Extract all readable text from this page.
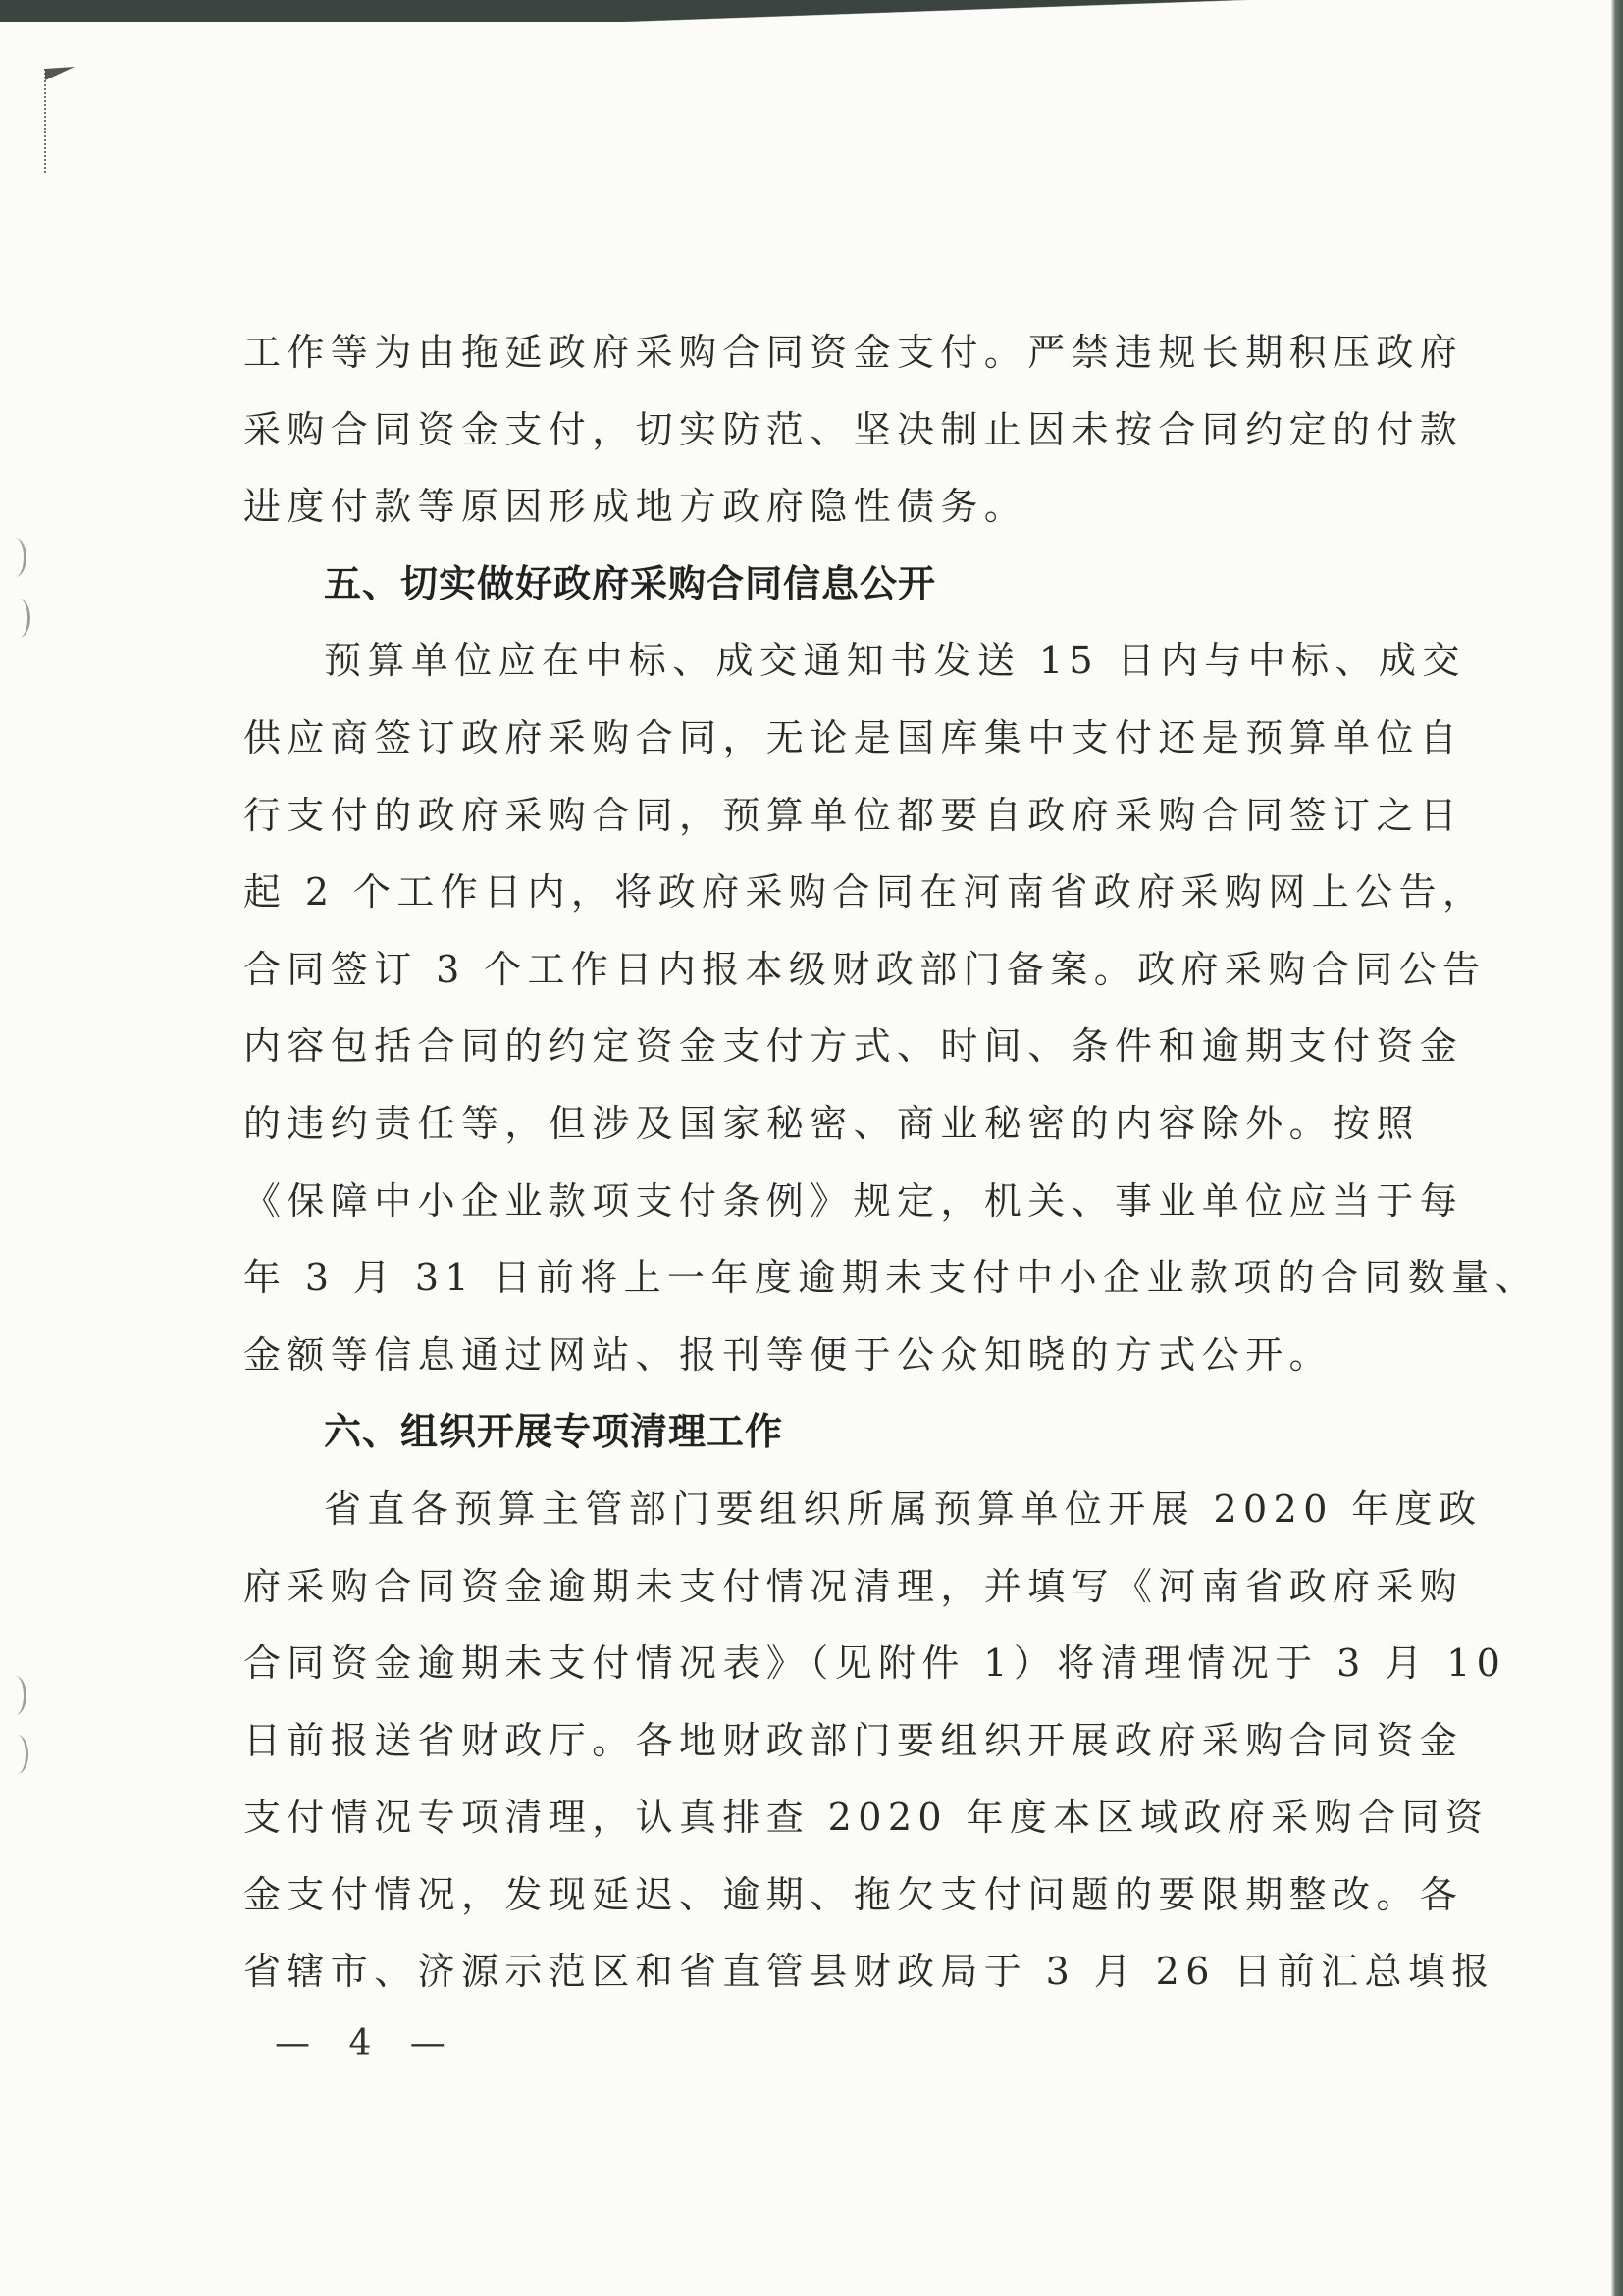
工作等为由拖延政府采购合同资金支付。严禁违规长期积压政府
采购合同资金支付，切实防范、坚决制止因未按合同约定的付款
进度付款等原因形成地方政府隐性债务。
五、切实做好政府采购合同信息公开
预算单位应在中标、成交通知书发送 15 日内与中标、成交
供应商签订政府采购合同，无论是国库集中支付还是预算单位自
行支付的政府采购合同，预算单位都要自政府采购合同签订之日
起 2 个工作日内，将政府采购合同在河南省政府采购网上公告，
合同签订 3 个工作日内报本级财政部门备案。政府采购合同公告
内容包括合同的约定资金支付方式、时间、条件和逾期支付资金
的违约责任等，但涉及国家秘密、商业秘密的内容除外。按照
《保障中小企业款项支付条例》规定，机关、事业单位应当于每
年 3 月 31 日前将上一年度逾期未支付中小企业款项的合同数量、
金额等信息通过网站、报刊等便于公众知晓的方式公开。
六、组织开展专项清理工作
省直各预算主管部门要组织所属预算单位开展 2020 年度政
府采购合同资金逾期未支付情况清理，并填写《河南省政府采购
合同资金逾期未支付情况表》（见附件 1）将清理情况于 3 月 10
日前报送省财政厅。各地财政部门要组织开展政府采购合同资金
支付情况专项清理，认真排查 2020 年度本区域政府采购合同资
金支付情况，发现延迟、逾期、拖欠支付问题的要限期整改。各
省辖市、济源示范区和省直管县财政局于 3 月 26 日前汇总填报
— 4 —
